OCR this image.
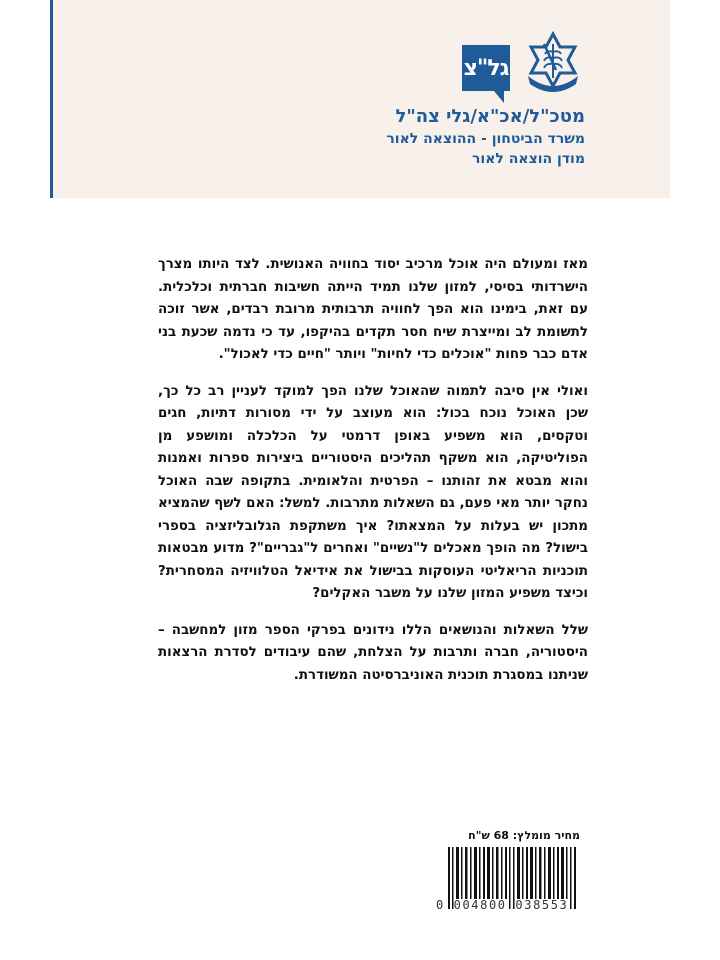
גל"צ
מטכ"ל/אכ"א/גלי צה"ל
משרד הביטחון - ההוצאה לאור
מודן הוצאה לאור

מאז ומעולם היה אוכל מרכיב יסוד בחוויה האנושית. לצד היותו מצרך הישרדותי בסיסי, למזון שלנו תמיד הייתה חשיבות חברתית וכלכלית. עם זאת, בימינו הוא הפך לחוויה תרבותית מרובת רבדים, אשר זוכה לתשומת לב ומייצרת שיח חסר תקדים בהיקפו, עד כי נדמה שכעת בני אדם כבר פחות "אוכלים כדי לחיות" ויותר "חיים כדי לאכול".

ואולי אין סיבה לתמוה שהאוכל שלנו הפך למוקד לעניין רב כל כך, שכן האוכל נוכח בכול: הוא מעוצב על ידי מסורות דתיות, חגים וטקסים, הוא משפיע באופן דרמטי על הכלכלה ומושפע מן הפוליטיקה, הוא משקף תהליכים היסטוריים ביצירות ספרות ואמנות והוא מבטא את זהותנו – הפרטית והלאומית. בתקופה שבה האוכל נחקר יותר מאי פעם, גם השאלות מתרבות. למשל: האם לשף שהמציא מתכון יש בעלות על המצאתו? איך משתקפת הגלובליזציה בספרי בישול? מה הופך מאכלים ל"נשיים" ואחרים ל"גבריים"? מדוע מבטאות תוכניות הריאליטי העוסקות בבישול את אידיאל הטלוויזיה המסחרית? וכיצד משפיע המזון שלנו על משבר האקלים?

שלל השאלות והנושאים הללו נידונים בפרקי הספר מזון למחשבה – היסטוריה, חברה ותרבות על הצלחת, שהם עיבודים לסדרת הרצאות שניתנו במסגרת תוכנית האוניברסיטה המשודרת.

מחיר מומלץ: 68 ש"ח
0 004800 038553
